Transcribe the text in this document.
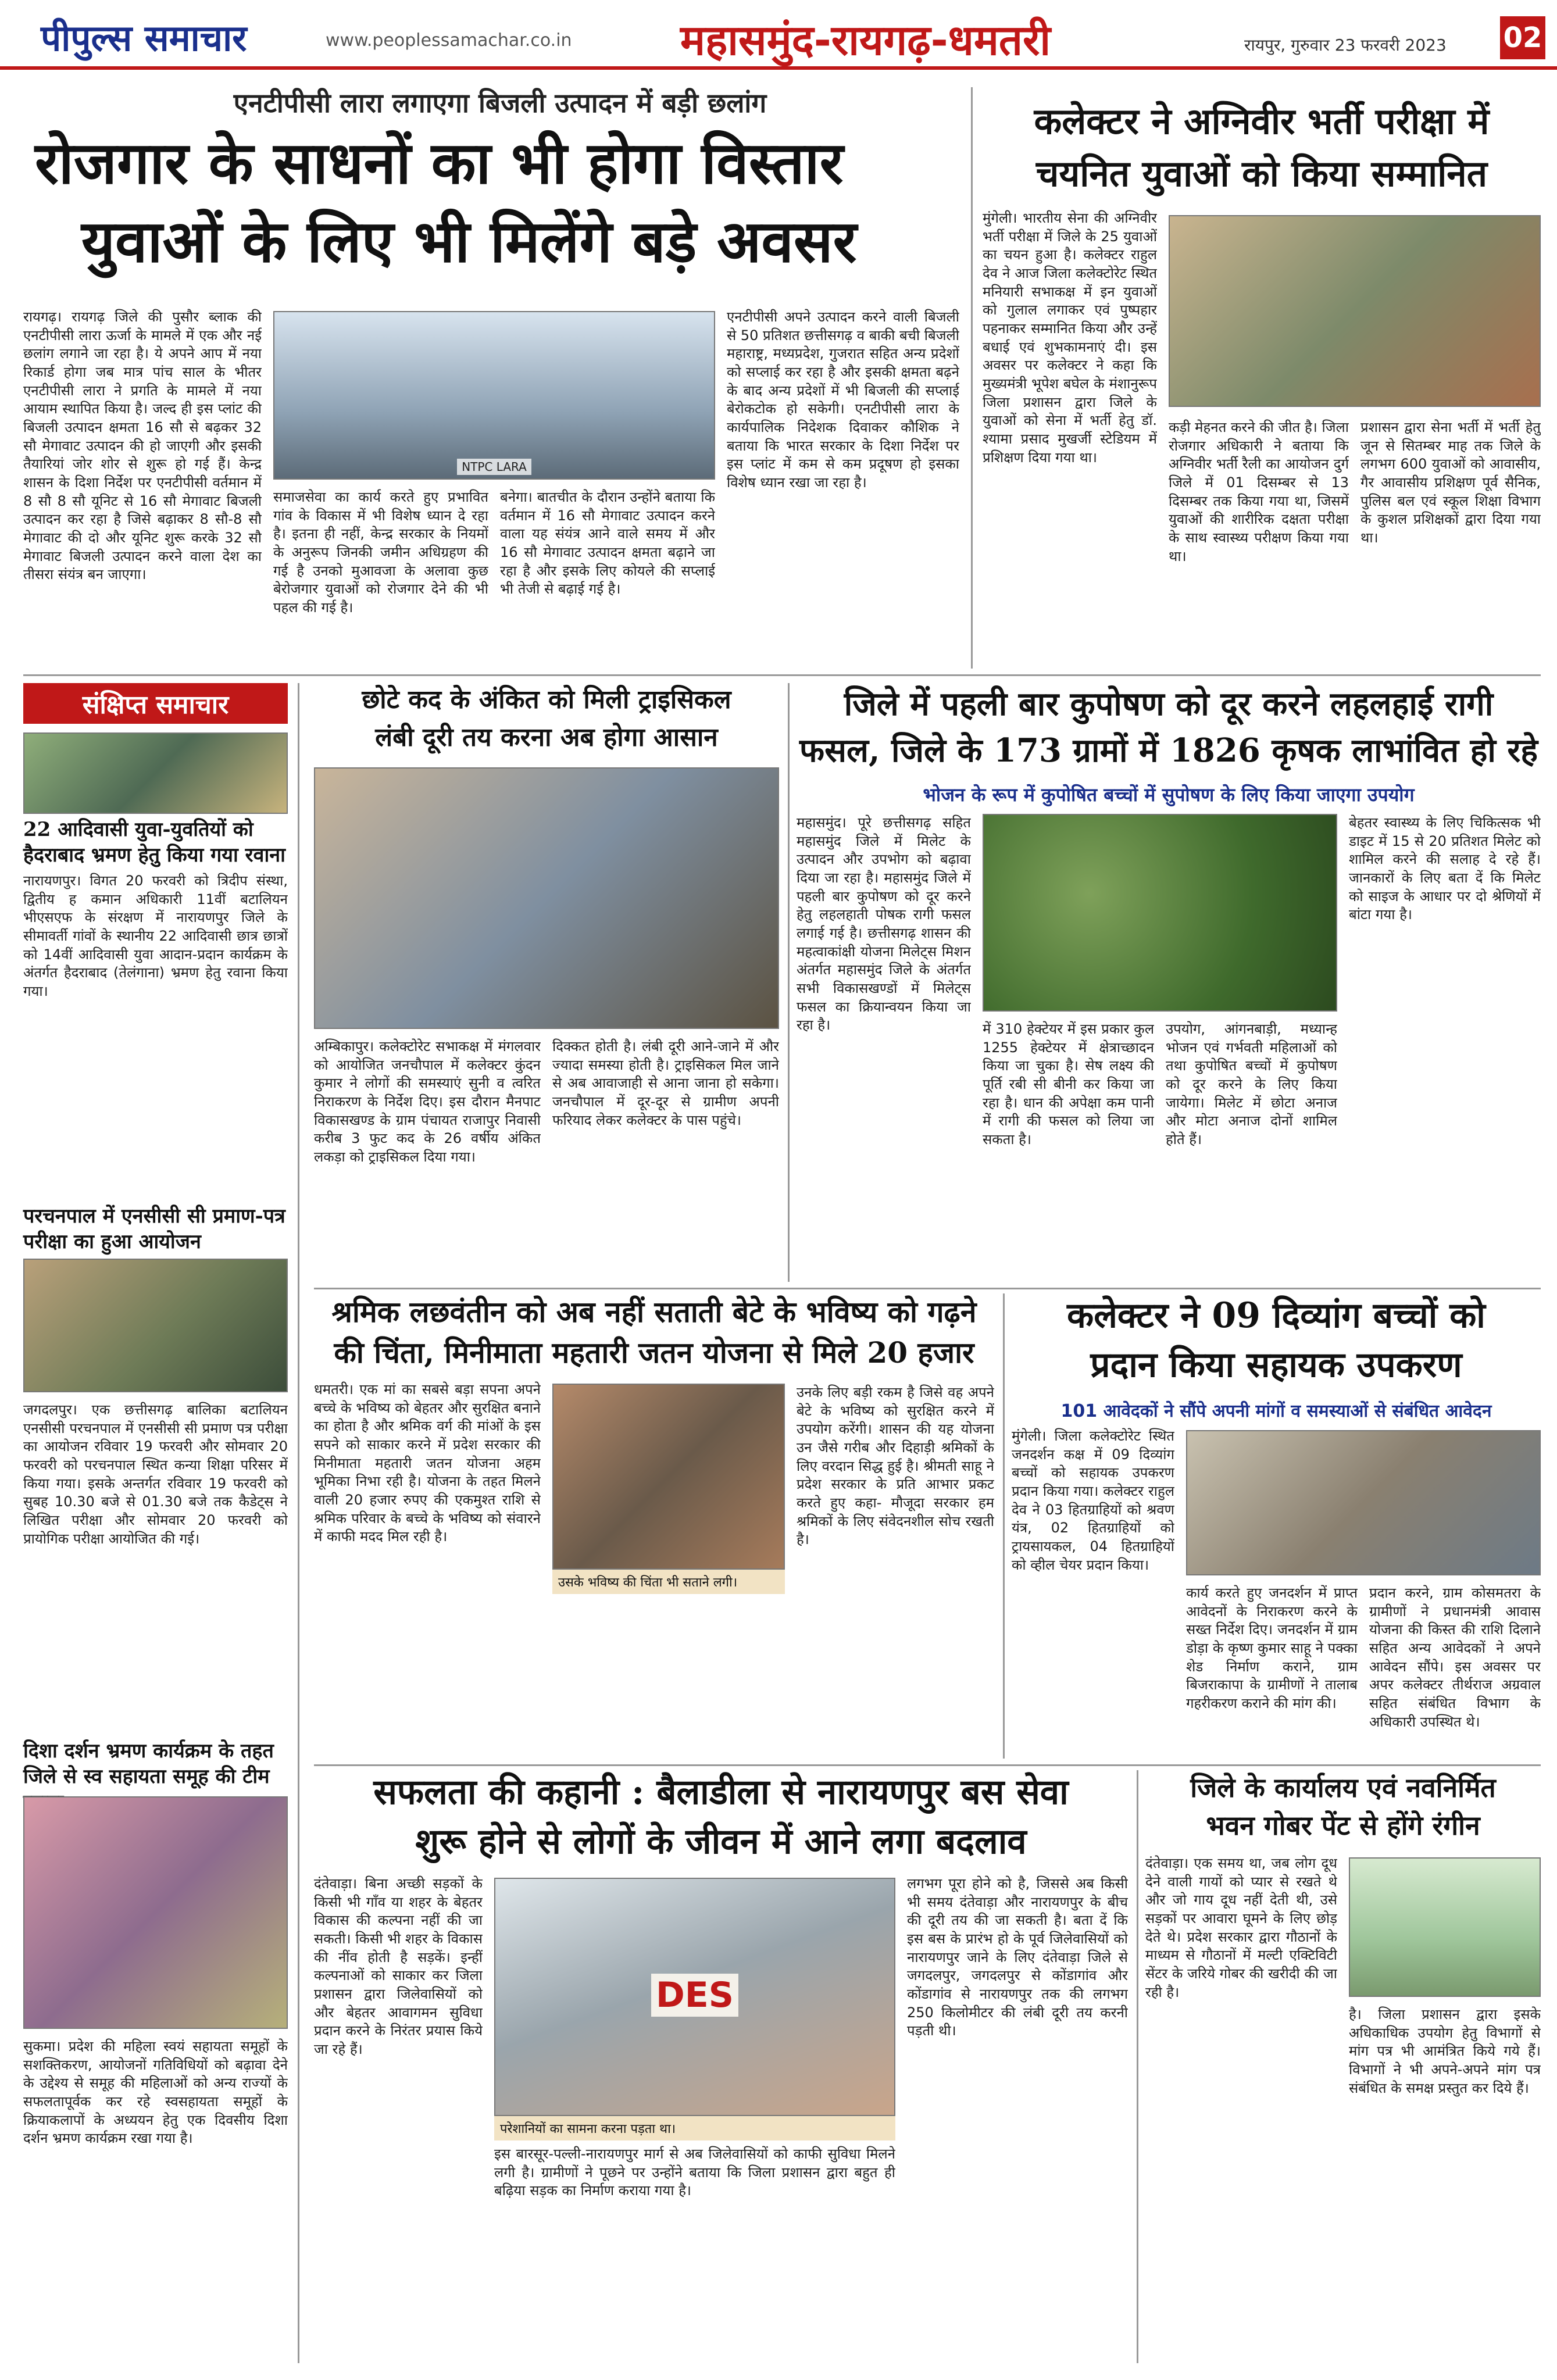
पीपुल्स समाचार	www.peoplessamachar.co.in	महासमुंद-रायगढ़-धमतरी	रायपुर, गुरुवार 23 फरवरी 2023 02
एनटीपीसी लारा लगाएगा बिजली उत्पादन में बड़ी छलांग
रोजगार के साधनों का भी होगा विस्तार
युवाओं के लिए भी मिलेंगे बड़े अवसर
रायगढ़। रायगढ़ जिले की पुसौर ब्लाक की एनटीपीसी लारा ऊर्जा के मामले में एक और नई छलांग लगाने जा रहा है। ये अपने आप में नया रिकार्ड होगा जब मात्र पांच साल के भीतर एनटीपीसी लारा ने प्रगति के मामले में नया आयाम स्थापित किया है। जल्द ही इस प्लांट की बिजली उत्पादन क्षमता 16 सौ से बढ़कर 32 सौ मेगावाट उत्पादन की हो जाएगी और इसकी तैयारियां जोर शोर से शुरू हो गई हैं। केन्द्र शासन के दिशा निर्देश पर एनटीपीसी वर्तमान में 8 सौ 8 सौ यूनिट से 16 सौ मेगावाट बिजली उत्पादन कर रहा है जिसे बढ़ाकर 8 सौ-8 सौ मेगावाट की दो और यूनिट शुरू करके 32 सौ मेगावाट बिजली उत्पादन करने वाला देश का तीसरा संयंत्र बन जाएगा।
NTPC LARA
समाजसेवा का कार्य करते हुए प्रभावित गांव के विकास में भी विशेष ध्यान दे रहा है। इतना ही नहीं, केन्द्र सरकार के नियमों के अनुरूप जिनकी जमीन अधिग्रहण की गई है उनको मुआवजा के अलावा कुछ बेरोजगार युवाओं को रोजगार देने की भी पहल की गई है।
बनेगा। बातचीत के दौरान उन्होंने बताया कि वर्तमान में 16 सौ मेगावाट उत्पादन करने वाला यह संयंत्र आने वाले समय में और 16 सौ मेगावाट उत्पादन क्षमता बढ़ाने जा रहा है और इसके लिए कोयले की सप्लाई भी तेजी से बढ़ाई गई है।
एनटीपीसी अपने उत्पादन करने वाली बिजली से 50 प्रतिशत छत्तीसगढ़ व बाकी बची बिजली महाराष्ट्र, मध्यप्रदेश, गुजरात सहित अन्य प्रदेशों को सप्लाई कर रहा है और इसकी क्षमता बढ़ने के बाद अन्य प्रदेशों में भी बिजली की सप्लाई बेरोकटोक हो सकेगी। एनटीपीसी लारा के कार्यपालिक निदेशक दिवाकर कौशिक ने बताया कि भारत सरकार के दिशा निर्देश पर इस प्लांट में कम से कम प्रदूषण हो इसका विशेष ध्यान रखा जा रहा है।
कलेक्टर ने अग्निवीर भर्ती परीक्षा में
चयनित युवाओं को किया सम्मानित
मुंगेली। भारतीय सेना की अग्निवीर भर्ती परीक्षा में जिले के 25 युवाओं का चयन हुआ है। कलेक्टर राहुल देव ने आज जिला कलेक्टोरेट स्थित मनियारी सभाकक्ष में इन युवाओं को गुलाल लगाकर एवं पुष्पहार पहनाकर सम्मानित किया और उन्हें बधाई एवं शुभकामनाएं दी। इस अवसर पर कलेक्टर ने कहा कि मुख्यमंत्री भूपेश बघेल के मंशानुरूप जिला प्रशासन द्वारा जिले के युवाओं को सेना में भर्ती हेतु डॉ. श्यामा प्रसाद मुखर्जी स्टेडियम में प्रशिक्षण दिया गया था।
कड़ी मेहनत करने की जीत है। जिला रोजगार अधिकारी ने बताया कि अग्निवीर भर्ती रैली का आयोजन दुर्ग जिले में 01 दिसम्बर से 13 दिसम्बर तक किया गया था, जिसमें युवाओं की शारीरिक दक्षता परीक्षा के साथ स्वास्थ्य परीक्षण किया गया था।
प्रशासन द्वारा सेना भर्ती में भर्ती हेतु जून से सितम्बर माह तक जिले के लगभग 600 युवाओं को आवासीय, गैर आवासीय प्रशिक्षण पूर्व सैनिक, पुलिस बल एवं स्कूल शिक्षा विभाग के कुशल प्रशिक्षकों द्वारा दिया गया था।
संक्षिप्त समाचार
22 आदिवासी युवा-युवतियों को हैदराबाद भ्रमण हेतु किया गया रवाना
नारायणपुर। विगत 20 फरवरी को त्रिदीप संस्था, द्वितीय ह कमान अधिकारी 11वीं बटालियन भीएसएफ के संरक्षण में नारायणपुर जिले के सीमावर्ती गांवों के स्थानीय 22 आदिवासी छात्र छात्रों को 14वीं आदिवासी युवा आदान-प्रदान कार्यक्रम के अंतर्गत हैदराबाद (तेलंगाना) भ्रमण हेतु रवाना किया गया।
परचनपाल में एनसीसी सी प्रमाण-पत्र परीक्षा का हुआ आयोजन
जगदलपुर। एक छत्तीसगढ़ बालिका बटालियन एनसीसी परचनपाल में एनसीसी सी प्रमाण पत्र परीक्षा का आयोजन रविवार 19 फरवरी और सोमवार 20 फरवरी को परचनपाल स्थित कन्या शिक्षा परिसर में किया गया। इसके अन्तर्गत रविवार 19 फरवरी को सुबह 10.30 बजे से 01.30 बजे तक कैडेट्स ने लिखित परीक्षा और सोमवार 20 फरवरी को प्रायोगिक परीक्षा आयोजित की गई।
दिशा दर्शन भ्रमण कार्यक्रम के तहत जिले से स्व सहायता समूह की टीम
सुकमा। प्रदेश की महिला स्वयं सहायता समूहों के सशक्तिकरण, आयोजनों गतिविधियों को बढ़ावा देने के उद्देश्य से समूह की महिलाओं को अन्य राज्यों के सफलतापूर्वक कर रहे स्वसहायता समूहों के क्रियाकलापों के अध्ययन हेतु एक दिवसीय दिशा दर्शन भ्रमण कार्यक्रम रखा गया है।
छोटे कद के अंकित को मिली ट्राइसिकल
लंबी दूरी तय करना अब होगा आसान
अम्बिकापुर। कलेक्टोरेट सभाकक्ष में मंगलवार को आयोजित जनचौपाल में कलेक्टर कुंदन कुमार ने लोगों की समस्याएं सुनी व त्वरित निराकरण के निर्देश दिए। इस दौरान मैनपाट विकासखण्ड के ग्राम पंचायत राजापुर निवासी करीब 3 फुट कद के 26 वर्षीय अंकित लकड़ा को ट्राइसिकल दिया गया।
दिक्कत होती है। लंबी दूरी आने-जाने में और ज्यादा समस्या होती है। ट्राइसिकल मिल जाने से अब आवाजाही से आना जाना हो सकेगा। जनचौपाल में दूर-दूर से ग्रामीण अपनी फरियाद लेकर कलेक्टर के पास पहुंचे।
जिले में पहली बार कुपोषण को दूर करने लहलहाई रागी
फसल, जिले के 173 ग्रामों में 1826 कृषक लाभांवित हो रहे
भोजन के रूप में कुपोषित बच्चों में सुपोषण के लिए किया जाएगा उपयोग
महासमुंद। पूरे छत्तीसगढ़ सहित महासमुंद जिले में मिलेट के उत्पादन और उपभोग को बढ़ावा दिया जा रहा है। महासमुंद जिले में पहली बार कुपोषण को दूर करने हेतु लहलहाती पोषक रागी फसल लगाई गई है। छत्तीसगढ़ शासन की महत्वाकांक्षी योजना मिलेट्स मिशन अंतर्गत महासमुंद जिले के अंतर्गत सभी विकासखण्डों में मिलेट्स फसल का क्रियान्वयन किया जा रहा है।	में 310 हेक्टेयर में इस प्रकार कुल 1255 हेक्टेयर में क्षेत्राच्छादन किया जा चुका है। सेष लक्ष्य की पूर्ति रबी सी बीनी कर किया जा रहा है। धान की अपेक्षा कम पानी में रागी की फसल को लिया जा सकता है।
उपयोग, आंगनबाड़ी, मध्यान्ह भोजन एवं गर्भवती महिलाओं को तथा कुपोषित बच्चों में कुपोषण को दूर करने के लिए किया जायेगा। मिलेट में छोटा अनाज और मोटा अनाज दोनों शामिल होते हैं।
बेहतर स्वास्थ्य के लिए चिकित्सक भी डाइट में 15 से 20 प्रतिशत मिलेट को शामिल करने की सलाह दे रहे हैं। जानकारों के लिए बता दें कि मिलेट को साइज के आधार पर दो श्रेणियों में बांटा गया है।
श्रमिक लछवंतीन को अब नहीं सताती बेटे के भविष्य को गढ़ने
की चिंता, मिनीमाता महतारी जतन योजना से मिले 20 हजार
धमतरी। एक मां का सबसे बड़ा सपना अपने बच्चे के भविष्य को बेहतर और सुरक्षित बनाने का होता है और श्रमिक वर्ग की मांओं के इस सपने को साकार करने में प्रदेश सरकार की मिनीमाता महतारी जतन योजना अहम भूमिका निभा रही है। योजना के तहत मिलने वाली 20 हजार रुपए की एकमुश्त राशि से श्रमिक परिवार के बच्चे के भविष्य को संवारने में काफी मदद मिल रही है।
उसके भविष्य की चिंता भी सताने लगी।
उनके लिए बड़ी रकम है जिसे वह अपने बेटे के भविष्य को सुरक्षित करने में उपयोग करेंगी। शासन की यह योजना उन जैसे गरीब और दिहाड़ी श्रमिकों के लिए वरदान सिद्ध हुई है। श्रीमती साहू ने प्रदेश सरकार के प्रति आभार प्रकट करते हुए कहा- मौजूदा सरकार हम श्रमिकों के लिए संवेदनशील सोच रखती है।
कलेक्टर ने 09 दिव्यांग बच्चों को
प्रदान किया सहायक उपकरण
101 आवेदकों ने सौंपे अपनी मांगों व समस्याओं से संबंधित आवेदन
मुंगेली। जिला कलेक्टोरेट स्थित जनदर्शन कक्ष में 09 दिव्यांग बच्चों को सहायक उपकरण प्रदान किया गया। कलेक्टर राहुल देव ने 03 हितग्राहियों को श्रवण यंत्र, 02 हितग्राहियों को ट्रायसायकल, 04 हितग्राहियों को व्हील चेयर प्रदान किया।
कार्य करते हुए जनदर्शन में प्राप्त आवेदनों के निराकरण करने के सख्त निर्देश दिए। जनदर्शन में ग्राम डोड़ा के कृष्ण कुमार साहू ने पक्का शेड निर्माण कराने, ग्राम बिजराकापा के ग्रामीणों ने तालाब गहरीकरण कराने की मांग की।
प्रदान करने, ग्राम कोसमतरा के ग्रामीणों ने प्रधानमंत्री आवास योजना की किस्त की राशि दिलाने सहित अन्य आवेदकों ने अपने आवेदन सौंपे। इस अवसर पर अपर कलेक्टर तीर्थराज अग्रवाल सहित संबंधित विभाग के अधिकारी उपस्थित थे।
सफलता की कहानी : बैलाडीला से नारायणपुर बस सेवा
शुरू होने से लोगों के जीवन में आने लगा बदलाव
दंतेवाड़ा। बिना अच्छी सड़कों के किसी भी गाँव या शहर के बेहतर विकास की कल्पना नहीं की जा सकती। किसी भी शहर के विकास की नींव होती है सड़कें। इन्हीं कल्पनाओं को साकार कर जिला प्रशासन द्वारा जिलेवासियों को और बेहतर आवागमन सुविधा प्रदान करने के निरंतर प्रयास किये जा रहे हैं।
DES
परेशानियों का सामना करना पड़ता था।
इस बारसूर-पल्ली-नारायणपुर मार्ग से अब जिलेवासियों को काफी सुविधा मिलने लगी है। ग्रामीणों ने पूछने पर उन्होंने बताया कि जिला प्रशासन द्वारा बहुत ही बढ़िया सड़क का निर्माण कराया गया है।
लगभग पूरा होने को है, जिससे अब किसी भी समय दंतेवाड़ा और नारायणपुर के बीच की दूरी तय की जा सकती है। बता दें कि इस बस के प्रारंभ हो के पूर्व जिलेवासियों को नारायणपुर जाने के लिए दंतेवाड़ा जिले से जगदलपुर, जगदलपुर से कोंडागांव और कोंडागांव से नारायणपुर तक की लगभग 250 किलोमीटर की लंबी दूरी तय करनी पड़ती थी।
जिले के कार्यालय एवं नवनिर्मित
भवन गोबर पेंट से होंगे रंगीन
दंतेवाड़ा। एक समय था, जब लोग दूध देने वाली गायों को प्यार से रखते थे और जो गाय दूध नहीं देती थी, उसे सड़कों पर आवारा घूमने के लिए छोड़ देते थे। प्रदेश सरकार द्वारा गौठानों के माध्यम से गौठानों में मल्टी एक्टिविटी सेंटर के जरिये गोबर की खरीदी की जा रही है।
है। जिला प्रशासन द्वारा इसके अधिकाधिक उपयोग हेतु विभागों से मांग पत्र भी आमंत्रित किये गये हैं। विभागों ने भी अपने-अपने मांग पत्र संबंधित के समक्ष प्रस्तुत कर दिये हैं।
